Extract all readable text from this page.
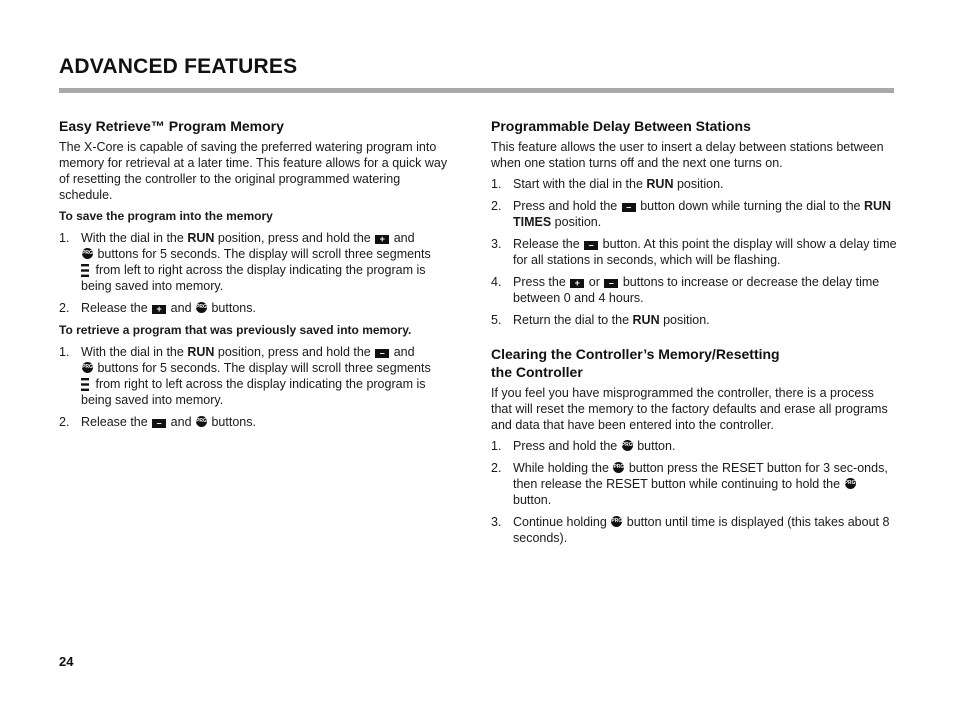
ADVANCED FEATURES
Easy Retrieve™ Program Memory

The X-Core is capable of saving the preferred watering program into memory for retrieval at a later time. This feature allows for a quick way of resetting the controller to the original programmed watering schedule.

To save the program into the memory
1. With the dial in the RUN position, press and hold the + and
PRG buttons for 5 seconds. The display will scroll three segments
from left to right across the display indicating the program is being saved into memory.
2. Release the + and PRG buttons.
To retrieve a program that was previously saved into memory.
1. With the dial in the RUN position, press and hold the – and
PRG buttons for 5 seconds. The display will scroll three segments
from right to left across the display indicating the program is being saved into memory.
2. Release the – and PRG buttons.
Programmable Delay Between Stations

This feature allows the user to insert a delay between stations between when one station turns off and the next one turns on.

1. Start with the dial in the RUN position.
2. Press and hold the – button down while turning the dial to the RUN TIMES position.
3. Release the – button. At this point the display will show a delay time for all stations in seconds, which will be flashing.
4. Press the + or – buttons to increase or decrease the delay time between 0 and 4 hours.
5. Return the dial to the RUN position.
Clearing the Controller’s Memory/Resetting
the Controller

If you feel you have misprogrammed the controller, there is a process that will reset the memory to the factory defaults and erase all programs and data that have been entered into the controller.

1. Press and hold the PRG button.
2. While holding the PRG button press the RESET button for 3 sec-onds, then release the RESET button while continuing to hold the PRG button.
3. Continue holding PRG button until time is displayed (this takes about 8 seconds).
24
